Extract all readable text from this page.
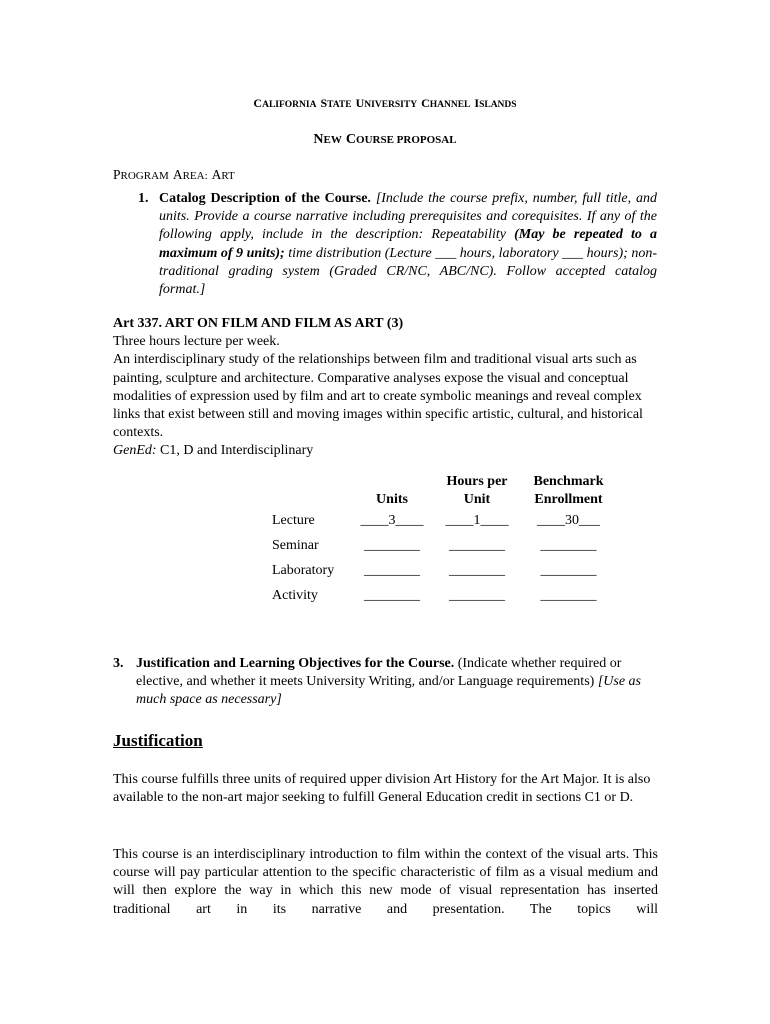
CALIFORNIA STATE UNIVERSITY CHANNEL ISLANDS
NEW COURSE PROPOSAL
PROGRAM AREA: ART
1. Catalog Description of the Course. [Include the course prefix, number, full title, and units. Provide a course narrative including prerequisites and corequisites. If any of the following apply, include in the description: Repeatability (May be repeated to a maximum of 9 units); time distribution (Lecture ___ hours, laboratory ___ hours); non-traditional grading system (Graded CR/NC, ABC/NC). Follow accepted catalog format.]
Art 337. ART ON FILM AND FILM AS ART (3)
Three hours lecture per week.
An interdisciplinary study of the relationships between film and traditional visual arts such as painting, sculpture and architecture. Comparative analyses expose the visual and conceptual modalities of expression used by film and art to create symbolic meanings and reveal complex links that exist between still and moving images within specific artistic, cultural, and historical contexts.
GenEd: C1, D and Interdisciplinary
	Units	Hours per Unit	Benchmark Enrollment
Lecture	____3____	____1____	____30___
Seminar	________	________	________
Laboratory	________	________	________
Activity	________	________	________
3. Justification and Learning Objectives for the Course. (Indicate whether required or elective, and whether it meets University Writing, and/or Language requirements) [Use as much space as necessary]
Justification
This course fulfills three units of required upper division Art History for the Art Major. It is also available to the non-art major seeking to fulfill General Education credit in sections C1 or D.
This course is an interdisciplinary introduction to film within the context of the visual arts. This course will pay particular attention to the specific characteristic of film as a visual medium and will then explore the way in which this new mode of visual representation has inserted traditional art in its narrative and presentation. The topics will
